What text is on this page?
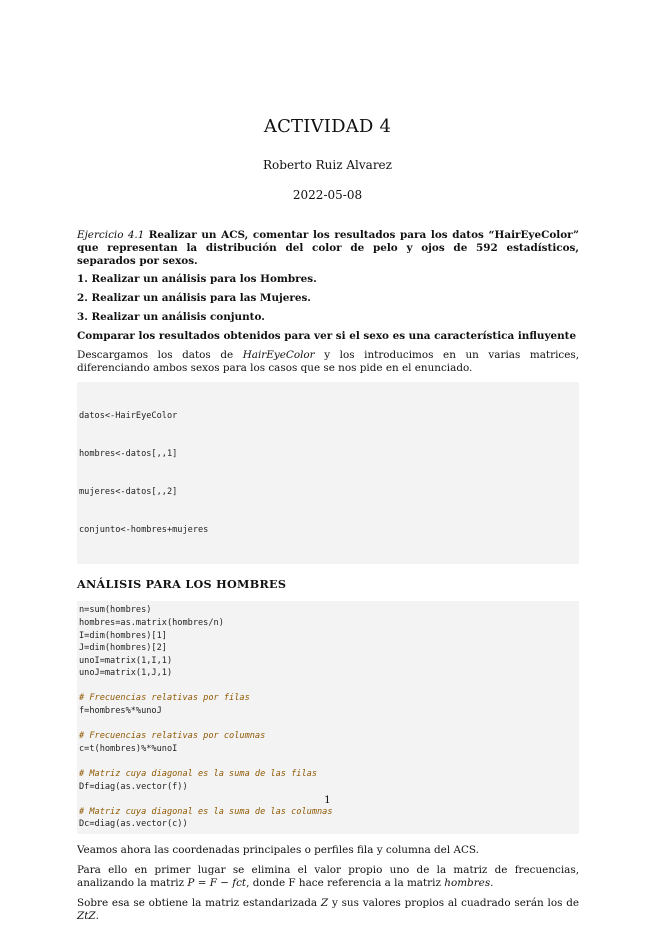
ACTIVIDAD 4
Roberto Ruiz Alvarez
2022-05-08
Ejercicio 4.1 Realizar un ACS, comentar los resultados para los datos “HairEyeColor” que representan la distribución del color de pelo y ojos de 592 estadísticos, separados por sexos.
1. Realizar un análisis para los Hombres.
2. Realizar un análisis para las Mujeres.
3. Realizar un análisis conjunto.
Comparar los resultados obtenidos para ver si el sexo es una característica influyente
Descargamos los datos de HairEyeColor y los introducimos en un varias matrices, diferenciando ambos sexos para los casos que se nos pide en el enunciado.

datos<-HairEyeColor

hombres<-datos[,,1]

mujeres<-datos[,,2]

conjunto<-hombres+mujeres

ANÁLISIS PARA LOS HOMBRES
n=sum(hombres)
hombres=as.matrix(hombres/n)
I=dim(hombres)[1]
J=dim(hombres)[2]
unoI=matrix(1,I,1)
unoJ=matrix(1,J,1)
# Frecuencias relativas por filas
f=hombres%*%unoJ
# Frecuencias relativas por columnas
c=t(hombres)%*%unoI
# Matriz cuya diagonal es la suma de las filas
Df=diag(as.vector(f))
# Matriz cuya diagonal es la suma de las columnas
Dc=diag(as.vector(c))
Veamos ahora las coordenadas principales o perfiles fila y columna del ACS.
Para ello en primer lugar se elimina el valor propio uno de la matriz de frecuencias, analizando la matriz P = F − fct, donde F hace referencia a la matriz hombres.
Sobre esa se obtiene la matriz estandarizada Z y sus valores propios al cuadrado serán los de ZtZ.
1
